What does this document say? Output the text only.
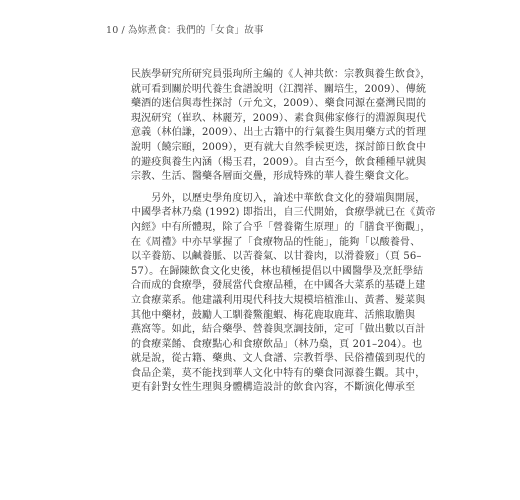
10 / 為妳煮食：我們的「女食」故事
民族學研究所研究員張珣所主編的《人神共飲：宗教與養生飲食》，
就可看到關於明代養生食譜說明（江潤祥、關培生，2009）、傳統
藥酒的迷信與毒性探討（亓允文，2009）、藥食同源在臺灣民間的
現況研究（崔玖、林麗芳，2009）、素食與佛家修行的淵源與現代
意義（林伯謙，2009）、出土古籍中的行氣養生與用藥方式的哲理
說明（饒宗頤，2009），更有就大自然季候更迭，探討節日飲食中
的避疫與養生內涵（楊玉君，2009）。自古至今，飲食種種早就與
宗教、生活、醫藥各層面交疊，形成特殊的華人養生藥食文化。
　　另外，以歷史學角度切入，論述中華飲食文化的發端與開展，
中國學者林乃燊 (1992) 即指出，自三代開始，食療學就已在《黃帝
內經》中有所體現，除了合乎「營養衛生原理」的「膳食平衡觀」，
在《周禮》中亦早掌握了「食療物品的性能」，能夠「以酸養骨、
以辛養筋、以鹹養脈、以苦養氣、以甘養肉，以滑養竅」（頁 56–
57）。在歸陳飲食文化史後，林也積極提倡以中國醫學及烹飪學結
合而成的食療學，發展當代食療品種，在中國各大菜系的基礎上建
立食療菜系。他建議利用現代科技大規模培植淮山、黃耆、髮菜與
其他中藥材，鼓勵人工馴養鱉龍蝦、梅花鹿取鹿茸、活熊取膽與
燕窩等。如此，結合藥學、營養與烹調技師，定可「做出數以百計
的食療菜餚、食療點心和食療飲品」（林乃燊，頁 201–204）。也
就是說，從古籍、藥典、文人食譜、宗教哲學、民俗禮儀到現代的
食品企業，莫不能找到華人文化中特有的藥食同源養生觀。其中，
更有針對女性生理與身體構造設計的飲食內容，不斷演化傳承至
